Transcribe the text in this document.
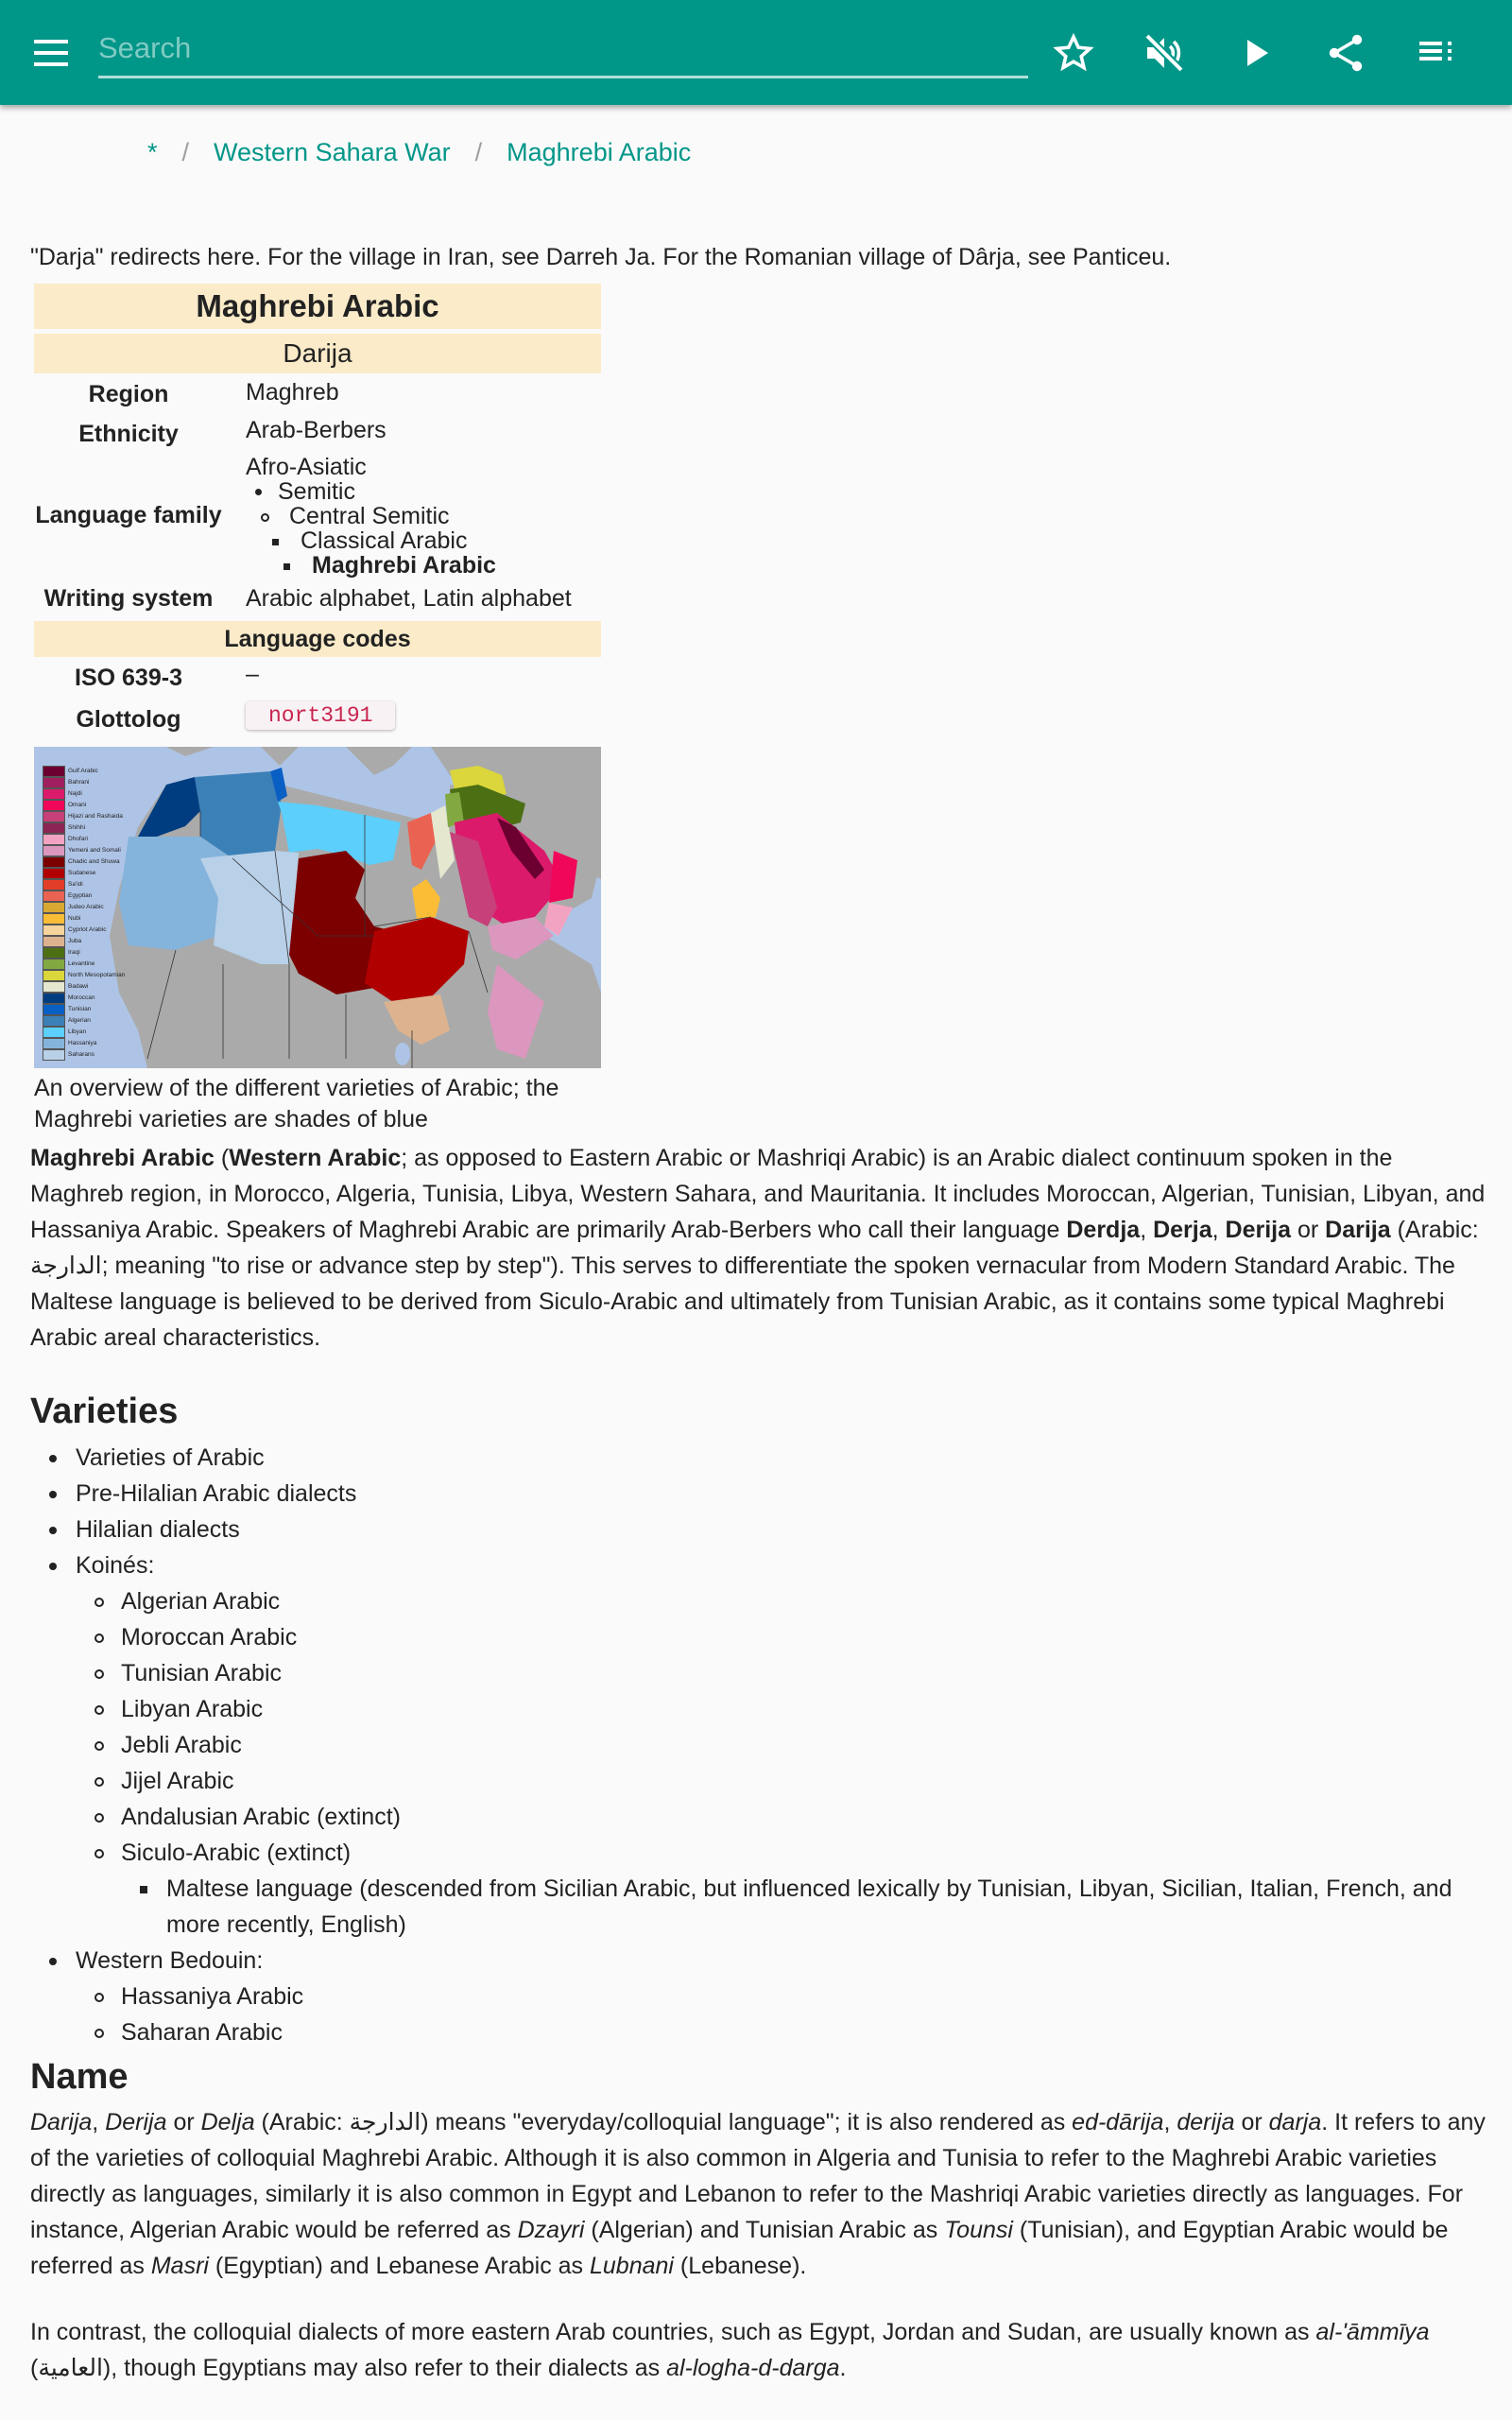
Search
* / Western Sahara War / Maghrebi Arabic
"Darja" redirects here. For the village in Iran, see Darreh Ja. For the Romanian village of Dârja, see Panticeu.
Maghrebi Arabic
Darija
Region	Maghreb
Ethnicity	Arab-Berbers
Language family
Afro-Asiatic
Semitic
Central Semitic
Classical Arabic
Maghrebi Arabic
Writing system	Arabic alphabet, Latin alphabet
Language codes
ISO 639-3	–
Glottolog	nort3191
Gulf Arabic
Bahrani
Najdi
Omani
Hijazi and Rashaida
Shihhi
Dhofari
Yemeni and Somali
Chadic and Shuwa
Sudanese
Sa'idi
Egyptian
Judeo Arabic
Nubi
Cypriot Arabic
Juba
Iraqi
Levantine
North Mesopotamian
Badawi
Moroccan
Tunisian
Algerian
Libyan
Hassaniya
Saharans
An overview of the different varieties of Arabic; the Maghrebi varieties are shades of blue

Maghrebi Arabic (Western Arabic; as opposed to Eastern Arabic or Mashriqi Arabic) is an Arabic dialect continuum spoken in the Maghreb region, in Morocco, Algeria, Tunisia, Libya, Western Sahara, and Mauritania. It includes Moroccan, Algerian, Tunisian, Libyan, and Hassaniya Arabic. Speakers of Maghrebi Arabic are primarily Arab-Berbers who call their language Derdja, Derja, Derija or Darija (Arabic: الدارجة; meaning "to rise or advance step by step"). This serves to differentiate the spoken vernacular from Modern Standard Arabic. The Maltese language is believed to be derived from Siculo-Arabic and ultimately from Tunisian Arabic, as it contains some typical Maghrebi Arabic areal characteristics.

Varieties
Varieties of Arabic
Pre-Hilalian Arabic dialects
Hilalian dialects
Koinés:
Algerian Arabic
Moroccan Arabic
Tunisian Arabic
Libyan Arabic
Jebli Arabic
Jijel Arabic
Andalusian Arabic (extinct)
Siculo-Arabic (extinct)
Maltese language (descended from Sicilian Arabic, but influenced lexically by Tunisian, Libyan, Sicilian, Italian, French, and more recently, English)
Western Bedouin:
Hassaniya Arabic
Saharan Arabic
Name

Darija, Derija or Delja (Arabic: الدارجة) means "everyday/colloquial language"; it is also rendered as ed-dārija, derija or darja. It refers to any of the varieties of colloquial Maghrebi Arabic. Although it is also common in Algeria and Tunisia to refer to the Maghrebi Arabic varieties directly as languages, similarly it is also common in Egypt and Lebanon to refer to the Mashriqi Arabic varieties directly as languages. For instance, Algerian Arabic would be referred as Dzayri (Algerian) and Tunisian Arabic as Tounsi (Tunisian), and Egyptian Arabic would be referred as Masri (Egyptian) and Lebanese Arabic as Lubnani (Lebanese).

In contrast, the colloquial dialects of more eastern Arab countries, such as Egypt, Jordan and Sudan, are usually known as al-'āmmīya (العامية), though Egyptians may also refer to their dialects as al-logha-d-darga.
